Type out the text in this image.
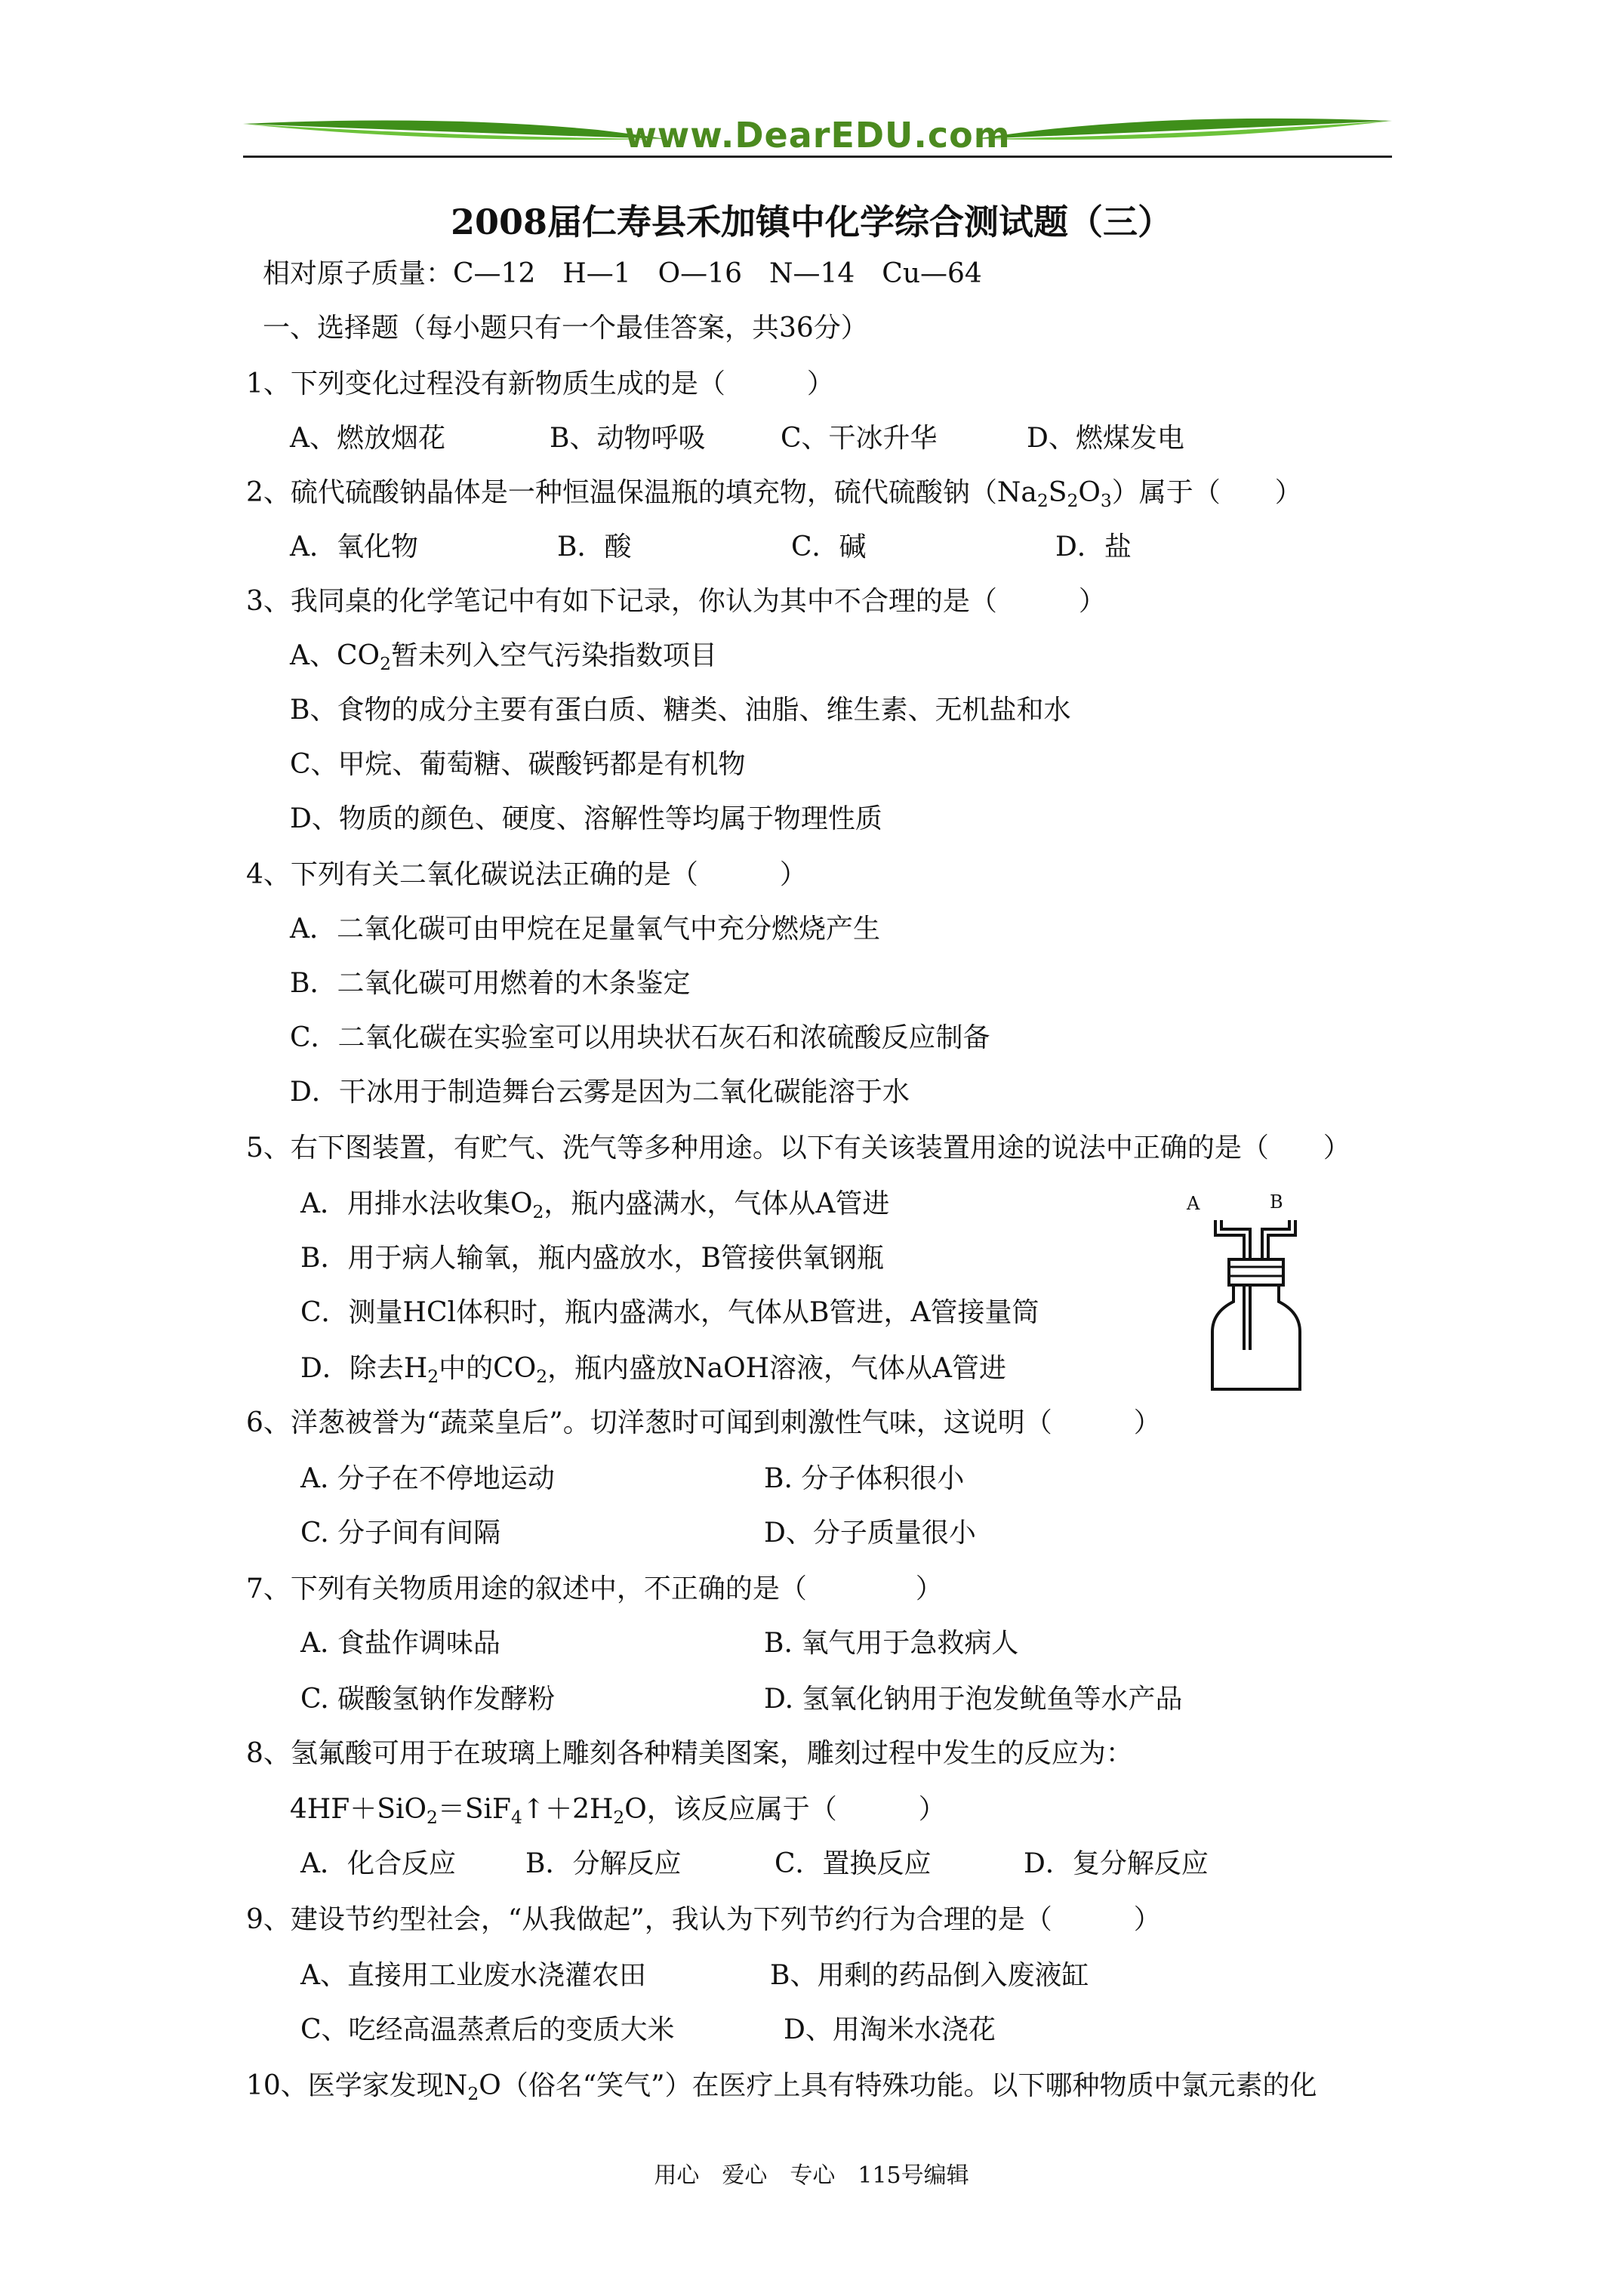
www.DearEDU.com
2008届仁寿县禾加镇中化学综合测试题（三）
相对原子质量：C—12　H—1　O—16　N—14　Cu—64
一、选择题（每小题只有一个最佳答案，共36分）
1、下列变化过程没有新物质生成的是（　　　）
A、燃放烟花	B、动物呼吸	C、干冰升华	D、燃煤发电
2、硫代硫酸钠晶体是一种恒温保温瓶的填充物，硫代硫酸钠$(Na_2S_2O_3)$属于（　　）
A．氧化物	B．酸	C．碱	D．盐
3、我同桌的化学笔记中有如下记录，你认为其中不合理的是（　　　）
A、$CO_2$暂未列入空气污染指数项目
B、食物的成分主要有蛋白质、糖类、油脂、维生素、无机盐和水
C、甲烷、葡萄糖、碳酸钙都是有机物
D、物质的颜色、硬度、溶解性等均属于物理性质
4、下列有关二氧化碳说法正确的是（　　　）
A．二氧化碳可由甲烷在足量氧气中充分燃烧产生
B．二氧化碳可用燃着的木条鉴定
C．二氧化碳在实验室可以用块状石灰石和浓硫酸反应制备
D．干冰用于制造舞台云雾是因为二氧化碳能溶于水
5、右下图装置，有贮气、洗气等多种用途。以下有关该装置用途的说法中正确的是（　　）
A．用排水法收集$O_2$，瓶内盛满水，气体从A管进
B．用于病人输氧，瓶内盛放水，B管接供氧钢瓶
C．测量HCl体积时，瓶内盛满水，气体从B管进，A管接量筒
D．除去$H_2$中的$CO_2$，瓶内盛放NaOH溶液，气体从A管进
A	B
6、洋葱被誉为“蔬菜皇后”。切洋葱时可闻到刺激性气味，这说明（　　　）
A. 分子在不停地运动	B. 分子体积很小
C. 分子间有间隔	D、分子质量很小
7、下列有关物质用途的叙述中，不正确的是（　　　　）
A. 食盐作调味品	B. 氧气用于急救病人
C. 碳酸氢钠作发酵粉	D. 氢氧化钠用于泡发鱿鱼等水产品
8、氢氟酸可用于在玻璃上雕刻各种精美图案，雕刻过程中发生的反应为：
$4HF+SiO_2=SiF_4↑+2H_2O$，该反应属于（　　　）
A．化合反应	B．分解反应	C．置换反应	D．复分解反应
9、建设节约型社会，“从我做起”，我认为下列节约行为合理的是（　　　）
A、直接用工业废水浇灌农田	B、用剩的药品倒入废液缸
C、吃经高温蒸煮后的变质大米	D、用淘米水浇花
10、医学家发现$N_2O$（俗名“笑气”）在医疗上具有特殊功能。以下哪种物质中氯元素的化
用心　爱心　专心　115号编辑
